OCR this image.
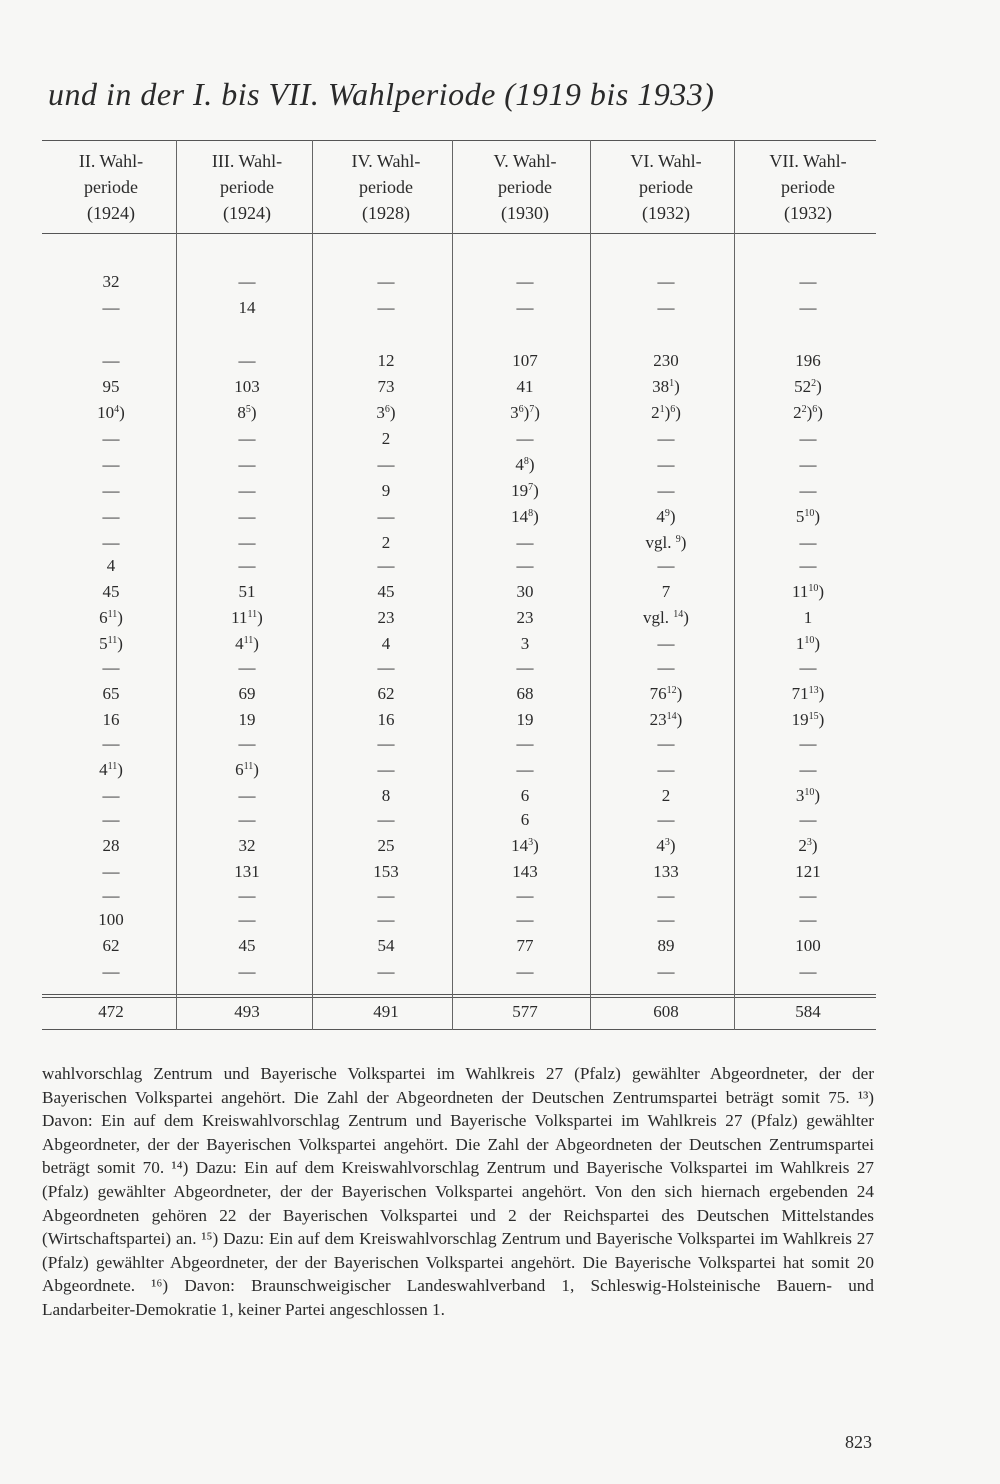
und in der I. bis VII. Wahlperiode (1919 bis 1933)
II. Wahl-
periode
(1924)
III. Wahl-
periode
(1924)
IV. Wahl-
periode
(1928)
V. Wahl-
periode
(1930)
VI. Wahl-
periode
(1932)
VII. Wahl-
periode
(1932)
32	—	—	—	—	—
—	14	—	—	—	—
—	—	12	107	230	196
95	103	73	41	$38^1$)	$52^2$)
$10^4$)	$8^5$)	$3^6$)	$3^6)^7$)	$2^1)^6$)	$2^2)^6$)
—	—	2	—	—	—
—	—	—	$4^8$)	—	—
—	—	9	$19^7$)	—	—
—	—	—	$14^8$)	$4^9$)	$5^{10}$)
—	—	2	—	vgl. $^9$)	—
4	—	—	—	—	—
45	51	45	30	7	$11^{10}$)
$6^{11}$)	$11^{11}$)	23	23	vgl. $^{14}$)	1
$5^{11}$)	$4^{11}$)	4	3	—	$1^{10}$)
—	—	—	—	—	—
65	69	62	68	$76^{12}$)	$71^{13}$)
16	19	16	19	$23^{14}$)	$19^{15}$)
—	—	—	—	—	—
$4^{11}$)	$6^{11}$)	—	—	—	—
—	—	8	6	2	$3^{10}$)
—	—	—	6	—	—
28	32	25	$14^3$)	$4^3$)	$2^3$)
—	131	153	143	133	121
—	—	—	—	—	—
100	—	—	—	—	—
62	45	54	77	89	100
—	—	—	—	—	—
472	493	491	577	608	584
wahlvorschlag Zentrum und Bayerische Volkspartei im Wahlkreis 27 (Pfalz) gewählter Abgeordneter, der der Bayerischen Volkspartei angehört. Die Zahl der Abgeordneten der Deutschen Zentrumspartei beträgt somit 75. ¹³) Davon: Ein auf dem Kreiswahlvorschlag Zentrum und Bayerische Volkspartei im Wahlkreis 27 (Pfalz) gewählter Abgeordneter, der der Bayerischen Volkspartei angehört. Die Zahl der Abgeordneten der Deutschen Zentrumspartei beträgt somit 70. ¹⁴) Dazu: Ein auf dem Kreiswahlvorschlag Zentrum und Bayerische Volkspartei im Wahlkreis 27 (Pfalz) gewählter Abgeordneter, der der Bayerischen Volkspartei angehört. Von den sich hiernach ergebenden 24 Abgeordneten gehören 22 der Bayerischen Volkspartei und 2 der Reichspartei des Deutschen Mittelstandes (Wirtschaftspartei) an. ¹⁵) Dazu: Ein auf dem Kreiswahlvorschlag Zentrum und Bayerische Volkspartei im Wahlkreis 27 (Pfalz) gewählter Abgeordneter, der der Bayerischen Volkspartei angehört. Die Bayerische Volkspartei hat somit 20 Abgeordnete. ¹⁶) Davon: Braunschweigischer Landeswahlverband 1, Schleswig-Holsteinische Bauern- und Landarbeiter-Demokratie 1, keiner Partei angeschlossen 1.
823
